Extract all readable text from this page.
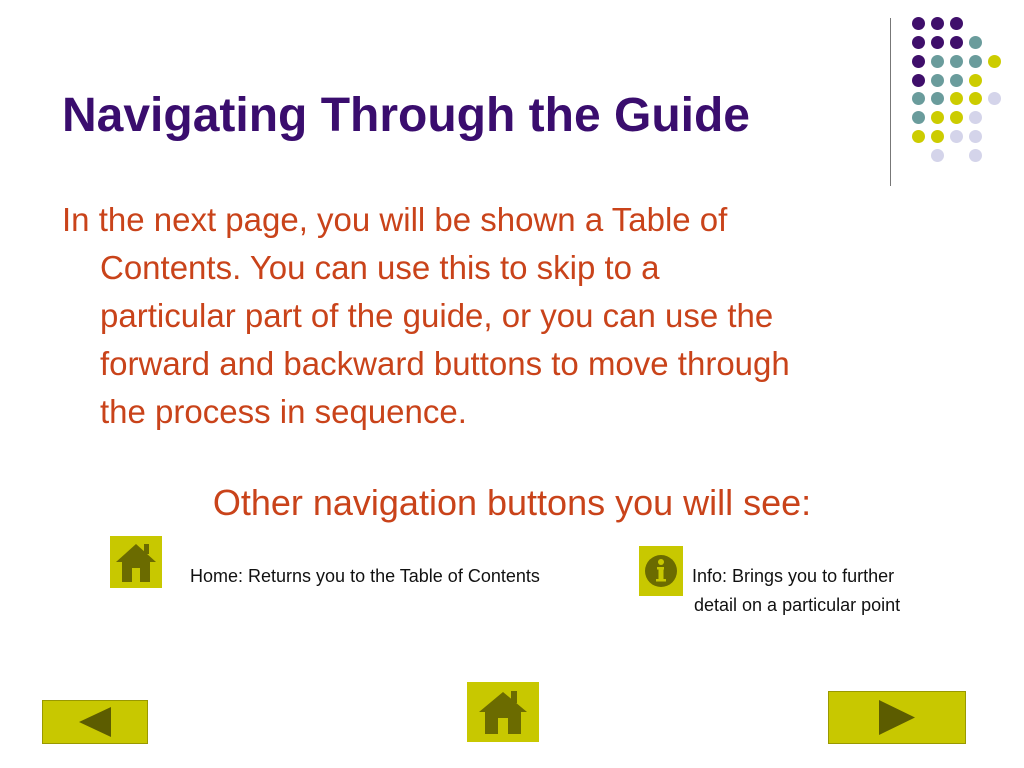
Navigating Through the Guide
In the next page, you will be shown a Table of
Contents. You can use this to skip to a
particular part of the guide, or you can use the
forward and backward buttons to move through
the process in sequence.
Other navigation buttons you will see:
Home: Returns you to the Table of Contents	Info: Brings you to further
detail on a particular point
